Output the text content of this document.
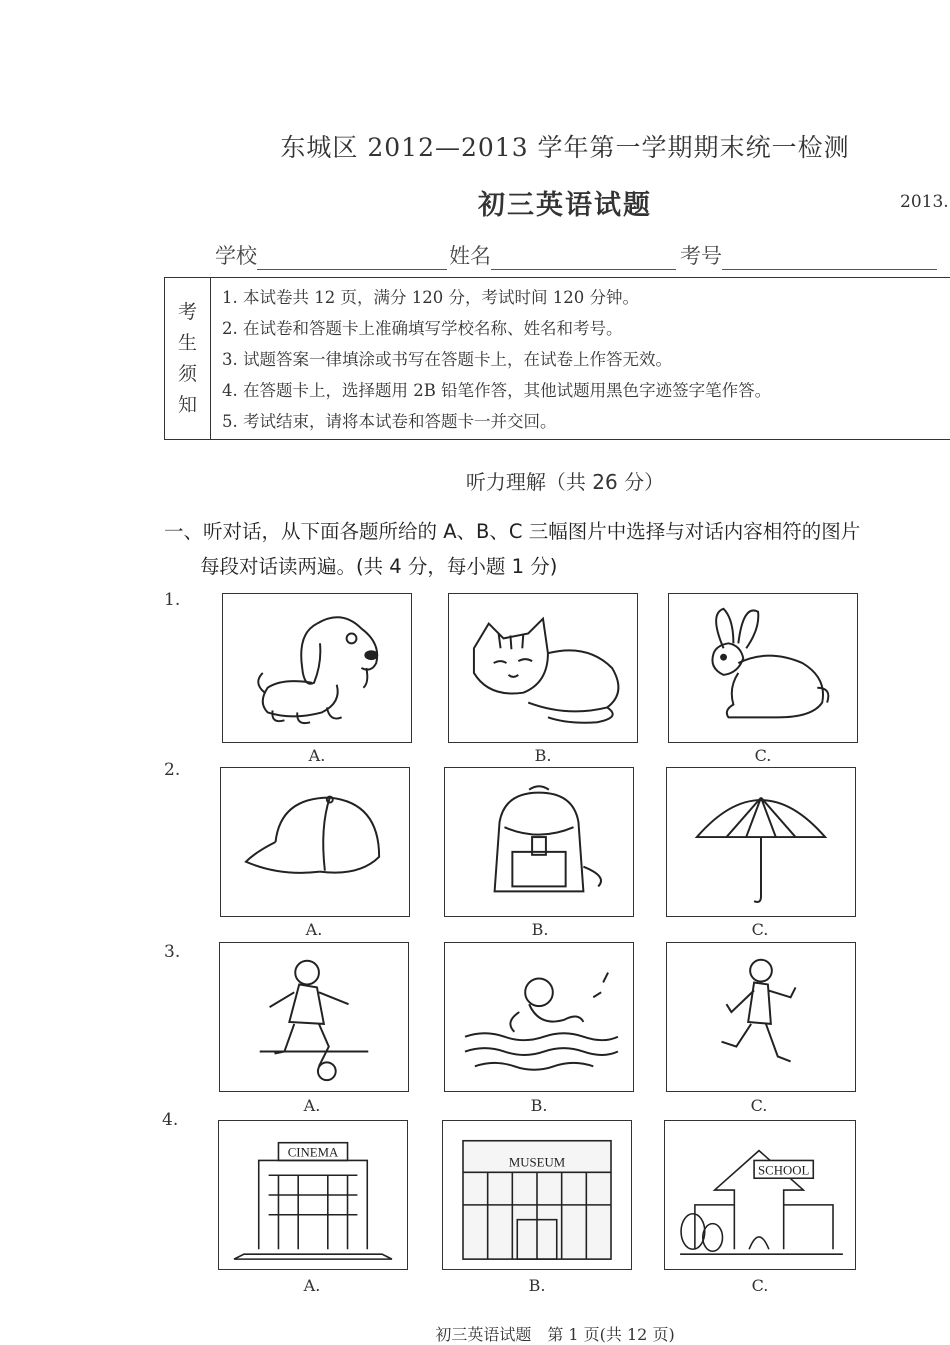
东城区 2012—2013 学年第一学期期末统一检测
初三英语试题	2013.
学校	姓名	考号
考
生
须
知
1. 本试卷共 12 页，满分 120 分，考试时间 120 分钟。
2. 在试卷和答题卡上准确填写学校名称、姓名和考号。
3. 试题答案一律填涂或书写在答题卡上，在试卷上作答无效。
4. 在答题卡上，选择题用 2B 铅笔作答，其他试题用黑色字迹签字笔作答。
5. 考试结束，请将本试卷和答题卡一并交回。
听力理解（共 26 分）
一、听对话，从下面各题所给的 A、B、C 三幅图片中选择与对话内容相符的图片
每段对话读两遍。(共 4 分，每小题 1 分)
1.
A.	B.	C.
2.
A.	B.	C.
3.
A.	B.	C.
4.
CINEMA
MUSEUM
SCHOOL
A.	B.	C.
初三英语试题　第 1 页(共 12 页)
